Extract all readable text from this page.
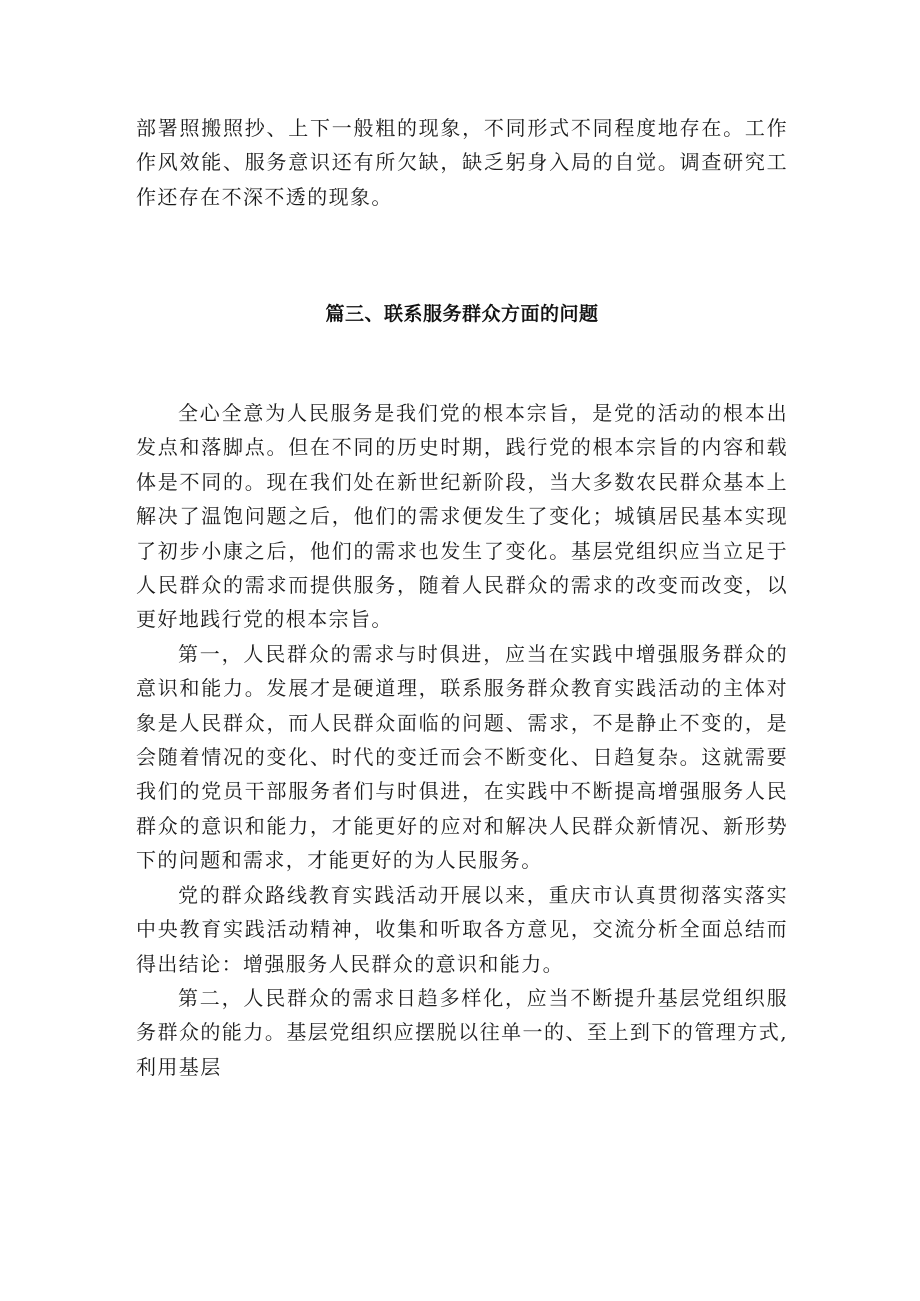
部署照搬照抄、上下一般粗的现象，不同形式不同程度地存在。工作作风效能、服务意识还有所欠缺，缺乏躬身入局的自觉。调查研究工作还存在不深不透的现象。

篇三、联系服务群众方面的问题

全心全意为人民服务是我们党的根本宗旨，是党的活动的根本出发点和落脚点。但在不同的历史时期，践行党的根本宗旨的内容和载体是不同的。现在我们处在新世纪新阶段，当大多数农民群众基本上解决了温饱问题之后，他们的需求便发生了变化；城镇居民基本实现了初步小康之后，他们的需求也发生了变化。基层党组织应当立足于人民群众的需求而提供服务，随着人民群众的需求的改变而改变，以更好地践行党的根本宗旨。

第一，人民群众的需求与时俱进，应当在实践中增强服务群众的意识和能力。发展才是硬道理，联系服务群众教育实践活动的主体对象是人民群众，而人民群众面临的问题、需求，不是静止不变的，是会随着情况的变化、时代的变迁而会不断变化、日趋复杂。这就需要我们的党员干部服务者们与时俱进，在实践中不断提高增强服务人民群众的意识和能力，才能更好的应对和解决人民群众新情况、新形势下的问题和需求，才能更好的为人民服务。

党的群众路线教育实践活动开展以来，重庆市认真贯彻落实落实中央教育实践活动精神，收集和听取各方意见，交流分析全面总结而得出结论：增强服务人民群众的意识和能力。

第二，人民群众的需求日趋多样化，应当不断提升基层党组织服务群众的能力。基层党组织应摆脱以往单一的、至上到下的管理方式,利用基层
